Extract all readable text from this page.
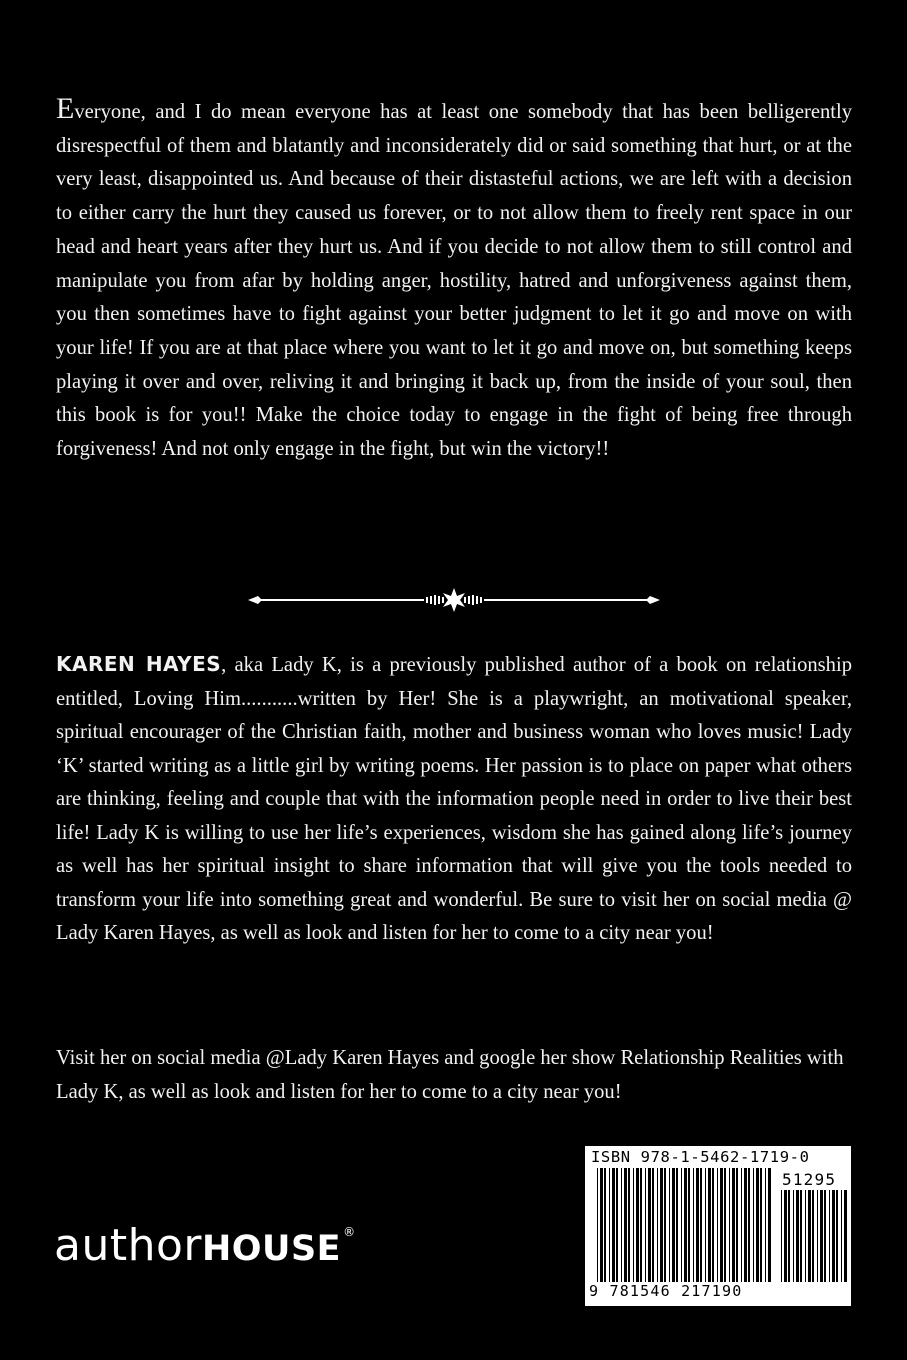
Everyone, and I do mean everyone has at least one somebody that has been belligerently disrespectful of them and blatantly and inconsiderately did or said something that hurt, or at the very least, disappointed us. And because of their distasteful actions, we are left with a decision to either carry the hurt they caused us forever, or to not allow them to freely rent space in our head and heart years after they hurt us. And if you decide to not allow them to still control and manipulate you from afar by holding anger, hostility, hatred and unforgiveness against them, you then sometimes have to fight against your better judgment to let it go and move on with your life! If you are at that place where you want to let it go and move on, but something keeps playing it over and over, reliving it and bringing it back up, from the inside of your soul, then this book is for you!! Make the choice today to engage in the fight of being free through forgiveness! And not only engage in the fight, but win the victory!!

KAREN HAYES, aka Lady K, is a previously published author of a book on relationship entitled, Loving Him...........written by Her! She is a playwright, an motivational speaker, spiritual encourager of the Christian faith, mother and business woman who loves music! Lady ‘K’ started writing as a little girl by writing poems. Her passion is to place on paper what others are thinking, feeling and couple that with the information people need in order to live their best life! Lady K is willing to use her life’s experiences, wisdom she has gained along life’s journey as well has her spiritual insight to share information that will give you the tools needed to transform your life into something great and wonderful. Be sure to visit her on social media @ Lady Karen Hayes, as well as look and listen for her to come to a city near you!

Visit her on social media @Lady Karen Hayes and google her show Relationship Realities with Lady K, as well as look and listen for her to come to a city near you!

authorHOUSE ®
ISBN 978-1-5462-1719-0
51295
9 781546 217190
